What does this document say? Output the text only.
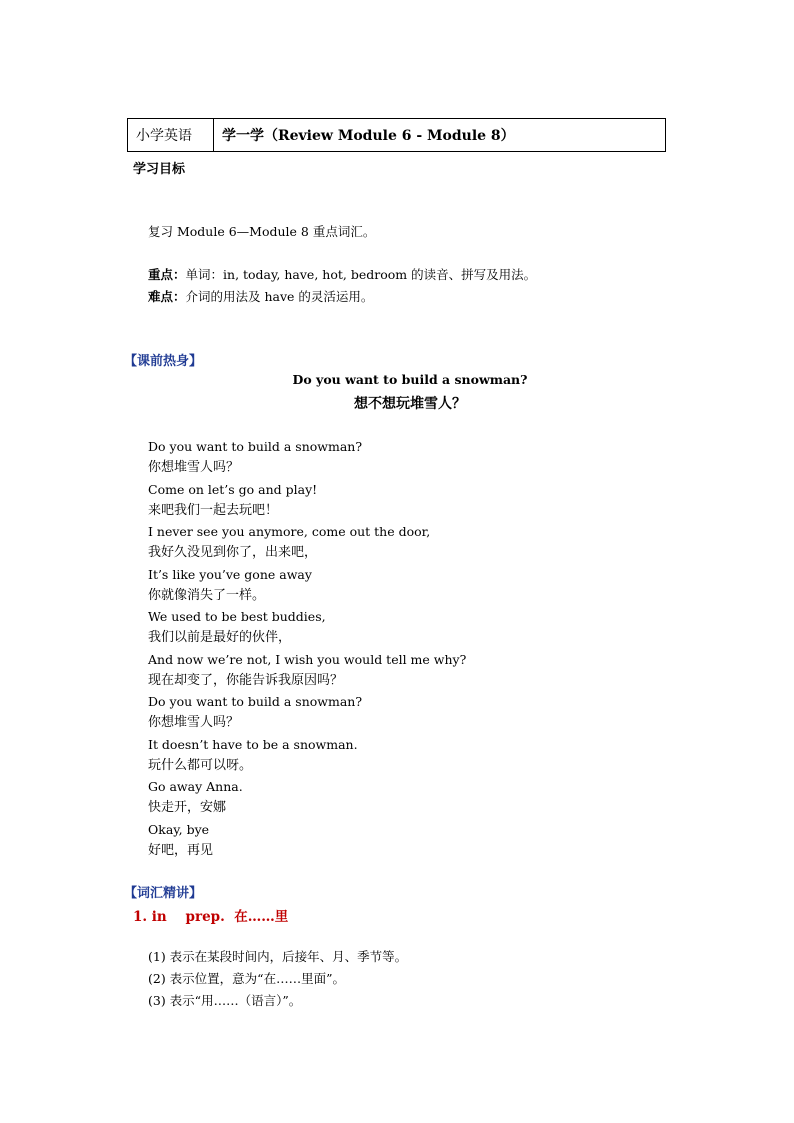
小学英语	学一学（Review Module 6 - Module 8）
学习目标
复习 Module 6—Module 8 重点词汇。
重点：单词：in, today, have, hot, bedroom 的读音、拼写及用法。
难点：介词的用法及 have 的灵活运用。
【课前热身】
Do you want to build a snowman?
想不想玩堆雪人？
Do you want to build a snowman?
你想堆雪人吗？
Come on let’s go and play!
来吧我们一起去玩吧！
I never see you anymore, come out the door,
我好久没见到你了，出来吧，
It’s like you’ve gone away
你就像消失了一样。
We used to be best buddies,
我们以前是最好的伙伴，
And now we’re not, I wish you would tell me why?
现在却变了，你能告诉我原因吗？
Do you want to build a snowman?
你想堆雪人吗？
It doesn’t have to be a snowman.
玩什么都可以呀。
Go away Anna.
快走开，安娜
Okay, bye
好吧，再见
【词汇精讲】
1. in    prep.  在……里
(1) 表示在某段时间内，后接年、月、季节等。
(2) 表示位置，意为“在……里面”。
(3) 表示“用……（语言）”。
